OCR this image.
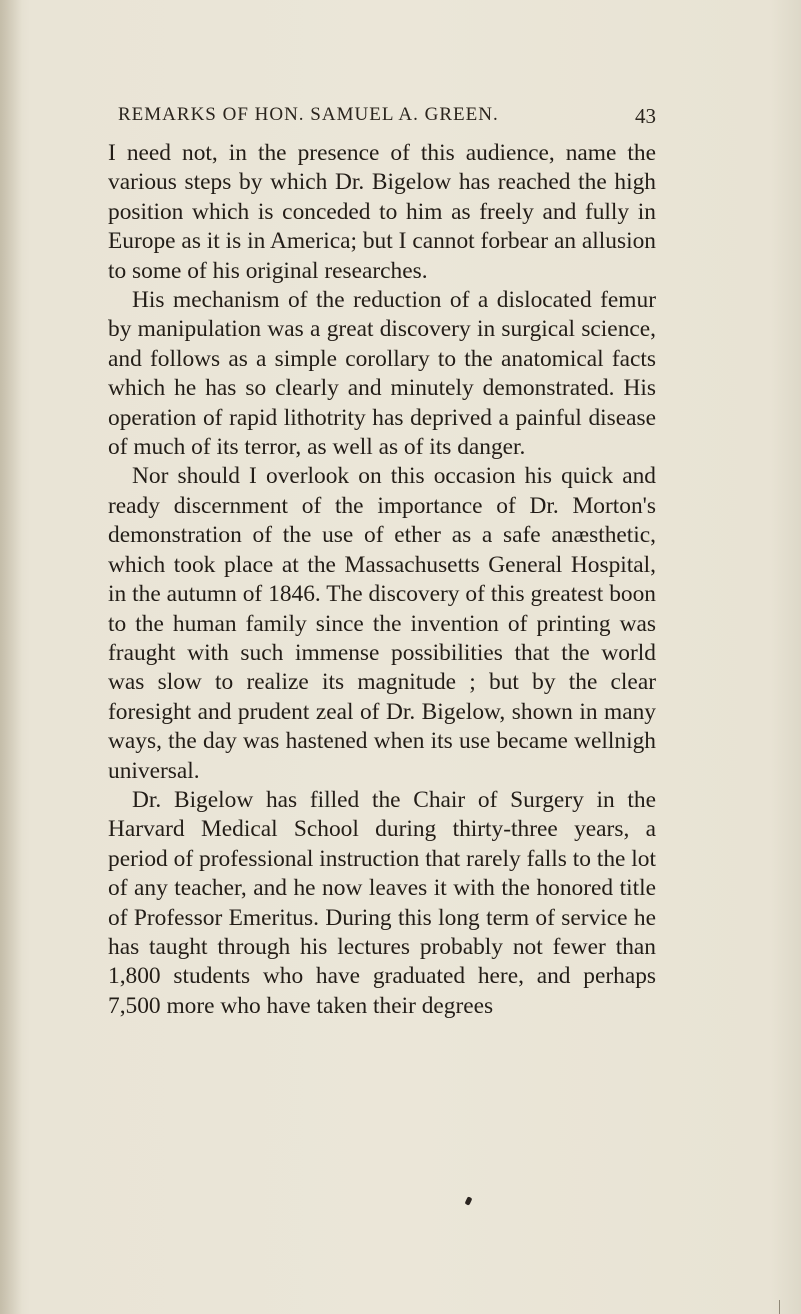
REMARKS OF HON. SAMUEL A. GREEN.	43

I need not, in the presence of this audience, name the various steps by which Dr. Bigelow has reached the high position which is conceded to him as freely and fully in Europe as it is in America; but I cannot forbear an allusion to some of his original researches.

His mechanism of the reduction of a dislocated femur by manipulation was a great discovery in surgical science, and follows as a simple corollary to the anatomical facts which he has so clearly and minutely demonstrated. His operation of rapid lithotrity has deprived a painful disease of much of its terror, as well as of its danger.

Nor should I overlook on this occasion his quick and ready discernment of the importance of Dr. Morton's demonstration of the use of ether as a safe anæsthetic, which took place at the Massachusetts General Hospital, in the autumn of 1846. The discovery of this greatest boon to the human family since the invention of printing was fraught with such immense possibilities that the world was slow to realize its magnitude ; but by the clear foresight and prudent zeal of Dr. Bigelow, shown in many ways, the day was hastened when its use became wellnigh universal.

Dr. Bigelow has filled the Chair of Surgery in the Harvard Medical School during thirty-three years, a period of professional instruction that rarely falls to the lot of any teacher, and he now leaves it with the honored title of Professor Emeritus. During this long term of service he has taught through his lectures probably not fewer than 1,800 students who have graduated here, and perhaps 7,500 more who have taken their degrees
